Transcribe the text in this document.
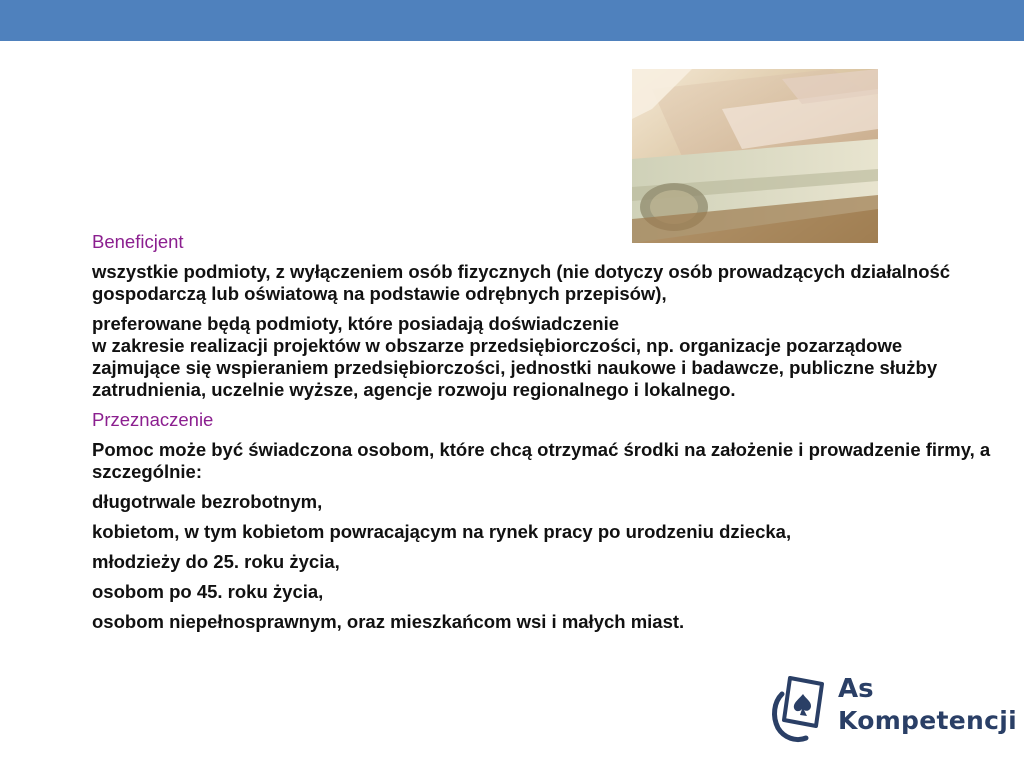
Beneficjent

wszystkie podmioty, z wyłączeniem osób fizycznych (nie dotyczy osób prowadzących działalność gospodarczą lub oświatową na podstawie odrębnych przepisów),

preferowane będą podmioty, które posiadają doświadczenie
w zakresie realizacji projektów w obszarze przedsiębiorczości, np. organizacje pozarządowe zajmujące się wspieraniem przedsiębiorczości, jednostki naukowe i badawcze, publiczne służby zatrudnienia, uczelnie wyższe, agencje rozwoju regionalnego i lokalnego.

Przeznaczenie

Pomoc może być świadczona osobom, które chcą otrzymać środki na założenie i prowadzenie firmy, a szczególnie:

długotrwale bezrobotnym,

kobietom, w tym kobietom powracającym na rynek pracy po urodzeniu dziecka,

młodzieży do 25. roku życia,

osobom po 45. roku życia,

osobom niepełnosprawnym, oraz mieszkańcom wsi i małych miast.

As
Kompetencji
